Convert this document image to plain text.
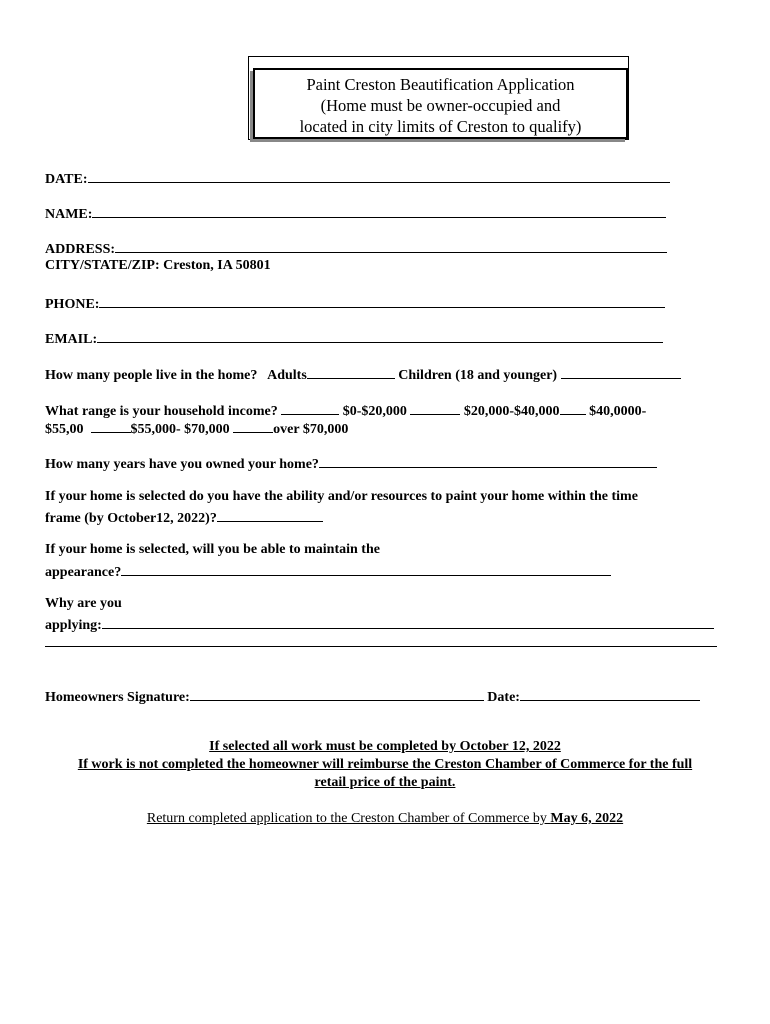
Paint Creston Beautification Application
(Home must be owner-occupied and
located in city limits of Creston to qualify)
DATE:
NAME:
ADDRESS:
CITY/STATE/ZIP: Creston, IA 50801
PHONE:
EMAIL:
How many people live in the home? Adults	Children (18 and younger)
What range is your household income?	$0-$20,000	$20,000-$40,000 $40,0000-
$55,00	$55,000- $70,000	over $70,000
How many years have you owned your home?
If your home is selected do you have the ability and/or resources to paint your home within the time
frame (by October12, 2022)?
If your home is selected, will you be able to maintain the
appearance?
Why are you
applying:
Homeowners Signature:	Date:
If selected all work must be completed by October 12, 2022
If work is not completed the homeowner will reimburse the Creston Chamber of Commerce for the full
retail price of the paint.
Return completed application to the Creston Chamber of Commerce by May 6, 2022
